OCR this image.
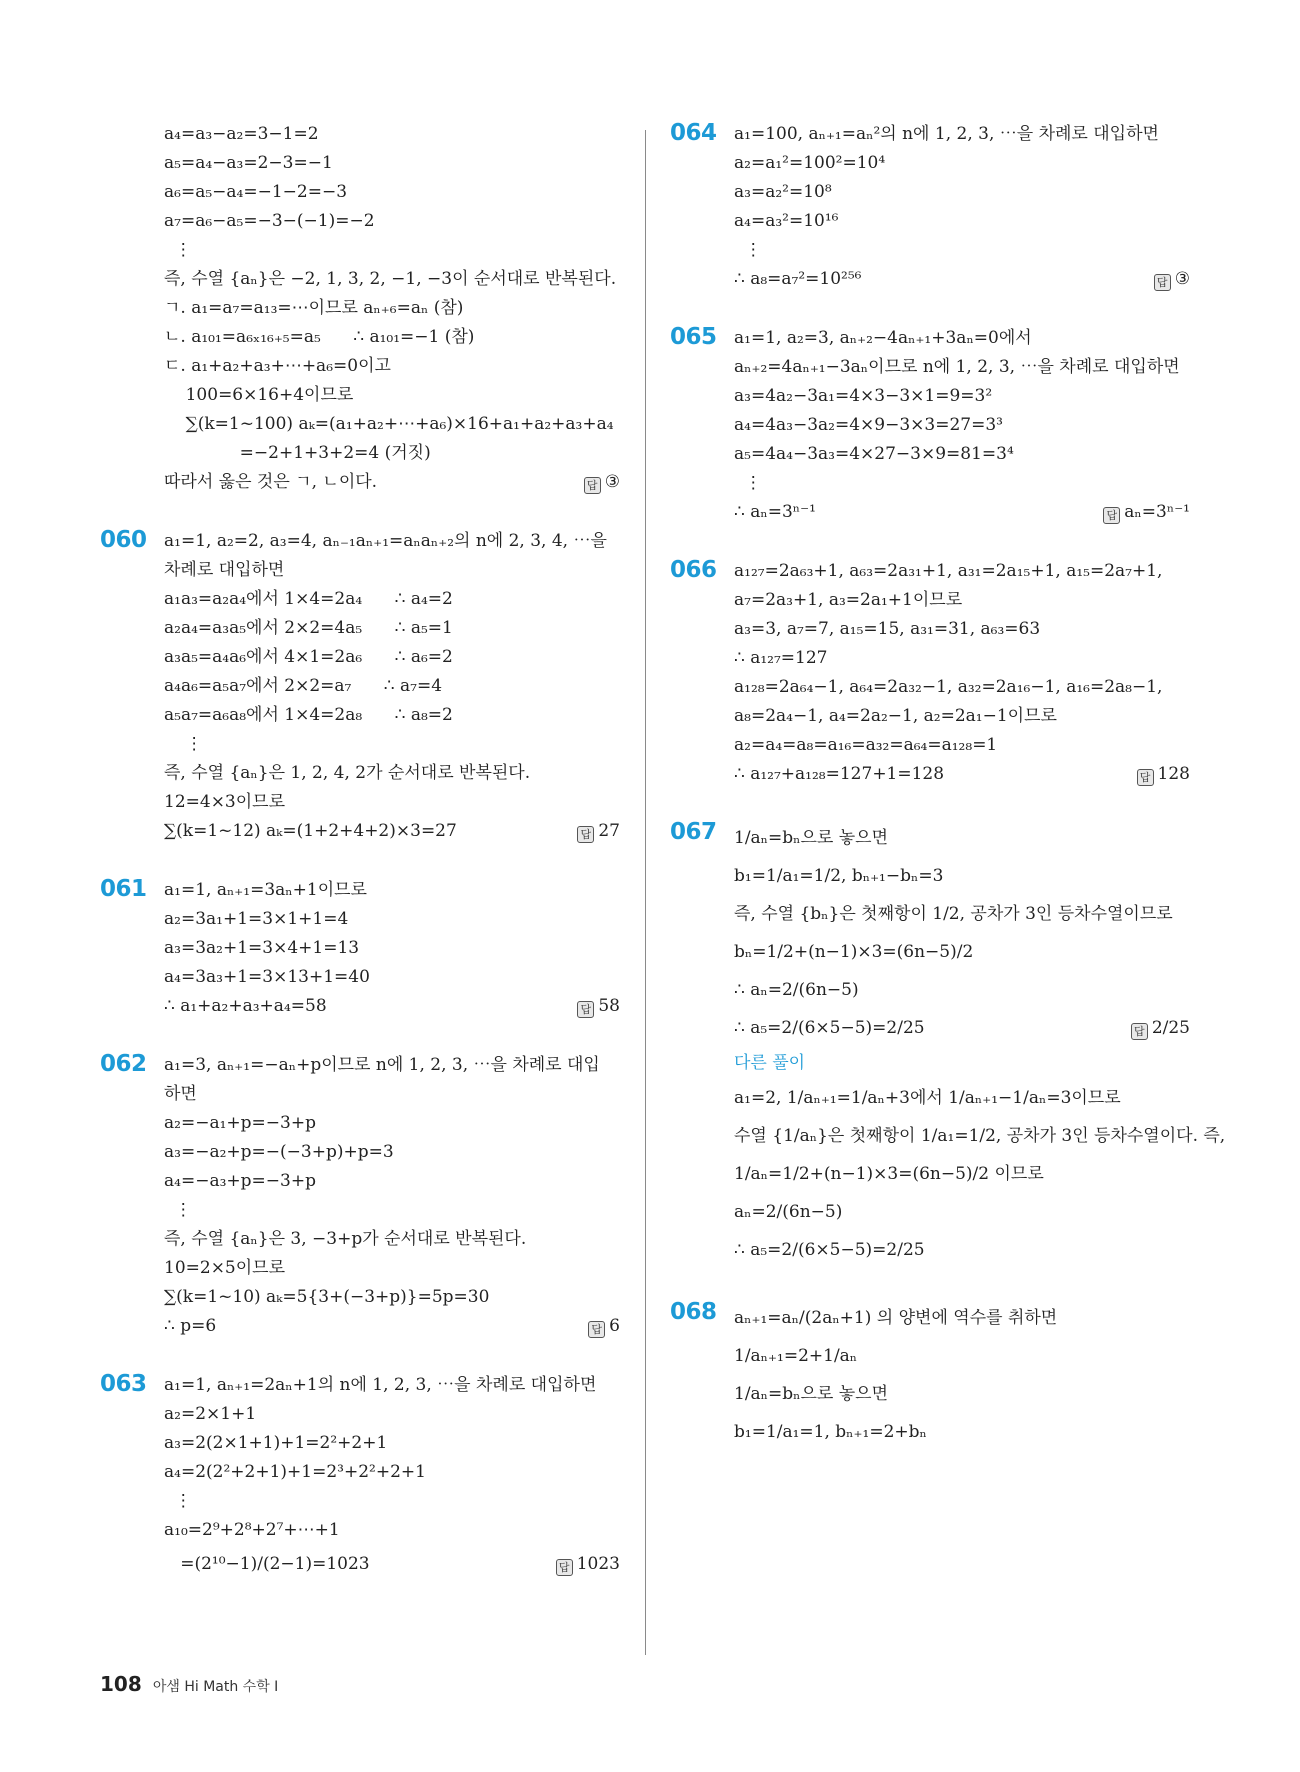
a₄=a₃−a₂=3−1=2
a₅=a₄−a₃=2−3=−1
a₆=a₅−a₄=−1−2=−3
a₇=a₆−a₅=−3−(−1)=−2
⋮
즉, 수열 {aₙ}은 −2, 1, 3, 2, −1, −3이 순서대로 반복된다.
ㄱ. a₁=a₇=a₁₃=⋯이므로 aₙ₊₆=aₙ (참)
ㄴ. a₁₀₁=a₆ₓ₁₆₊₅=a₅      ∴ a₁₀₁=−1 (참)
ㄷ. a₁+a₂+a₃+⋯+a₆=0이고
100=6×16+4이므로
∑(k=1~100) aₖ=(a₁+a₂+⋯+a₆)×16+a₁+a₂+a₃+a₄
=−2+1+3+2=4 (거짓)
따라서 옳은 것은 ㄱ, ㄴ이다.	답 ③
060 a₁=1, a₂=2, a₃=4, aₙ₋₁aₙ₊₁=aₙaₙ₊₂의 n에 2, 3, 4, ⋯을
차례로 대입하면
a₁a₃=a₂a₄에서 1×4=2a₄      ∴ a₄=2
a₂a₄=a₃a₅에서 2×2=4a₅      ∴ a₅=1
a₃a₅=a₄a₆에서 4×1=2a₆      ∴ a₆=2
a₄a₆=a₅a₇에서 2×2=a₇      ∴ a₇=4
a₅a₇=a₆a₈에서 1×4=2a₈      ∴ a₈=2
⋮
즉, 수열 {aₙ}은 1, 2, 4, 2가 순서대로 반복된다.
12=4×3이므로
∑(k=1~12) aₖ=(1+2+4+2)×3=27	답 27
061 a₁=1, aₙ₊₁=3aₙ+1이므로
a₂=3a₁+1=3×1+1=4
a₃=3a₂+1=3×4+1=13
a₄=3a₃+1=3×13+1=40
∴ a₁+a₂+a₃+a₄=58	답 58
062 a₁=3, aₙ₊₁=−aₙ+p이므로 n에 1, 2, 3, ⋯을 차례로 대입
하면
a₂=−a₁+p=−3+p
a₃=−a₂+p=−(−3+p)+p=3
a₄=−a₃+p=−3+p
⋮
즉, 수열 {aₙ}은 3, −3+p가 순서대로 반복된다.
10=2×5이므로
∑(k=1~10) aₖ=5{3+(−3+p)}=5p=30
∴ p=6	답 6
063 a₁=1, aₙ₊₁=2aₙ+1의 n에 1, 2, 3, ⋯을 차례로 대입하면
a₂=2×1+1
a₃=2(2×1+1)+1=2²+2+1
a₄=2(2²+2+1)+1=2³+2²+2+1
⋮
a₁₀=2⁹+2⁸+2⁷+⋯+1
=(2¹⁰−1)/(2−1)=1023	답 1023
064 a₁=100, aₙ₊₁=aₙ²의 n에 1, 2, 3, ⋯을 차례로 대입하면
a₂=a₁²=100²=10⁴
a₃=a₂²=10⁸
a₄=a₃²=10¹⁶
⋮
∴ a₈=a₇²=10²⁵⁶	답 ③
065 a₁=1, a₂=3, aₙ₊₂−4aₙ₊₁+3aₙ=0에서
aₙ₊₂=4aₙ₊₁−3aₙ이므로 n에 1, 2, 3, ⋯을 차례로 대입하면
a₃=4a₂−3a₁=4×3−3×1=9=3²
a₄=4a₃−3a₂=4×9−3×3=27=3³
a₅=4a₄−3a₃=4×27−3×9=81=3⁴
⋮
∴ aₙ=3ⁿ⁻¹	답 aₙ=3ⁿ⁻¹
066 a₁₂₇=2a₆₃+1, a₆₃=2a₃₁+1, a₃₁=2a₁₅+1, a₁₅=2a₇+1,
a₇=2a₃+1, a₃=2a₁+1이므로
a₃=3, a₇=7, a₁₅=15, a₃₁=31, a₆₃=63
∴ a₁₂₇=127
a₁₂₈=2a₆₄−1, a₆₄=2a₃₂−1, a₃₂=2a₁₆−1, a₁₆=2a₈−1,
a₈=2a₄−1, a₄=2a₂−1, a₂=2a₁−1이므로
a₂=a₄=a₈=a₁₆=a₃₂=a₆₄=a₁₂₈=1
∴ a₁₂₇+a₁₂₈=127+1=128	답 128
067 1/aₙ=bₙ으로 놓으면
b₁=1/a₁=1/2, bₙ₊₁−bₙ=3
즉, 수열 {bₙ}은 첫째항이 1/2, 공차가 3인 등차수열이므로
bₙ=1/2+(n−1)×3=(6n−5)/2
∴ aₙ=2/(6n−5)
∴ a₅=2/(6×5−5)=2/25	답 2/25
다른 풀이
a₁=2, 1/aₙ₊₁=1/aₙ+3에서 1/aₙ₊₁−1/aₙ=3이므로
수열 {1/aₙ}은 첫째항이 1/a₁=1/2, 공차가 3인 등차수열이다. 즉,
1/aₙ=1/2+(n−1)×3=(6n−5)/2 이므로
aₙ=2/(6n−5)
∴ a₅=2/(6×5−5)=2/25
068 aₙ₊₁=aₙ/(2aₙ+1) 의 양변에 역수를 취하면
1/aₙ₊₁=2+1/aₙ
1/aₙ=bₙ으로 놓으면
b₁=1/a₁=1, bₙ₊₁=2+bₙ
108 아샘 Hi Math 수학 I
